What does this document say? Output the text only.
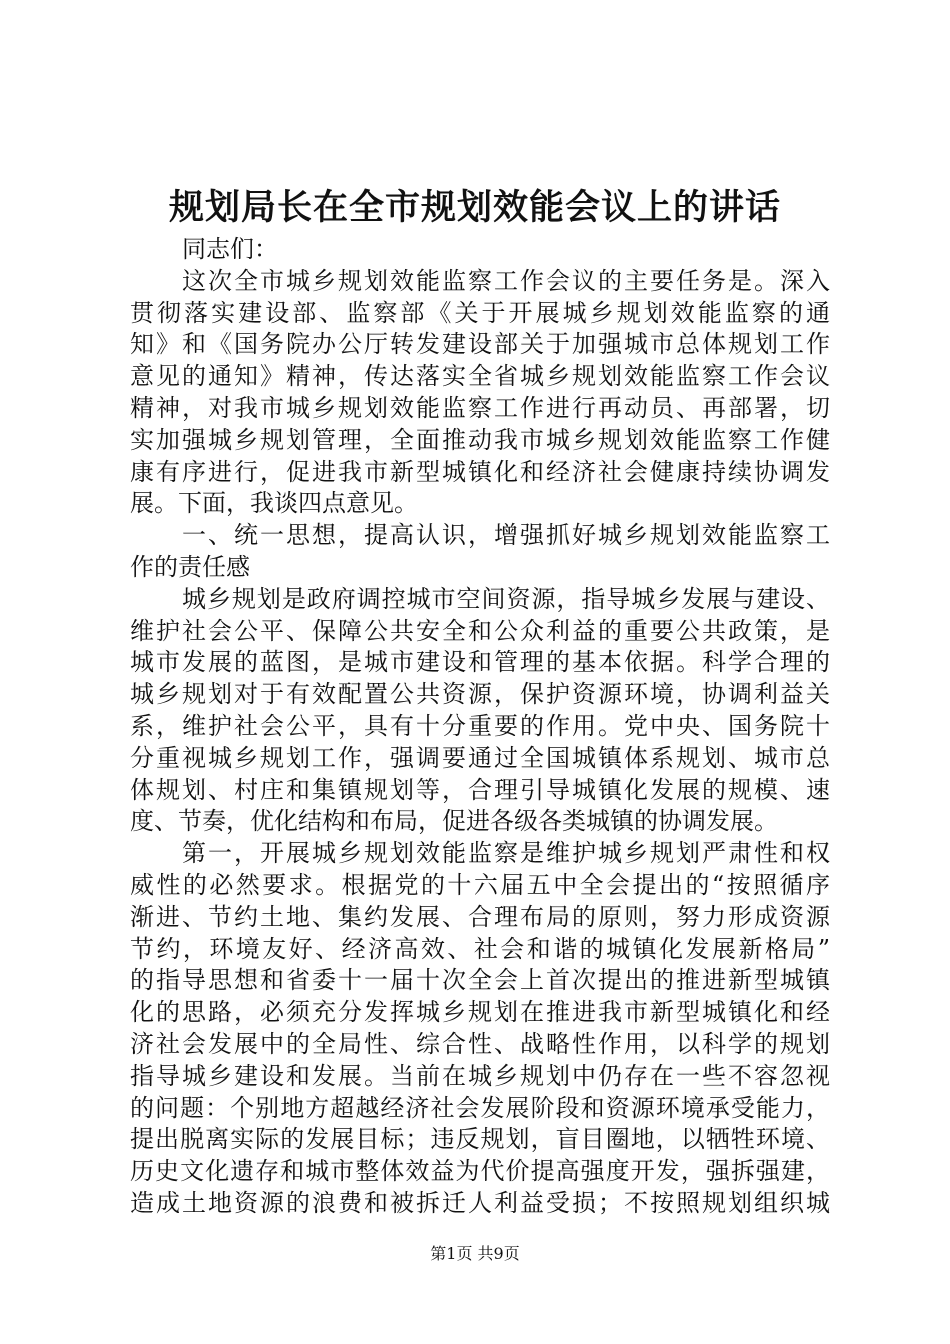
规划局长在全市规划效能会议上的讲话
同志们：
这次全市城乡规划效能监察工作会议的主要任务是。深入
贯彻落实建设部、监察部《关于开展城乡规划效能监察的通
知》和《国务院办公厅转发建设部关于加强城市总体规划工作
意见的通知》精神，传达落实全省城乡规划效能监察工作会议
精神，对我市城乡规划效能监察工作进行再动员、再部署，切
实加强城乡规划管理，全面推动我市城乡规划效能监察工作健
康有序进行，促进我市新型城镇化和经济社会健康持续协调发
展。下面，我谈四点意见。
一、统一思想，提高认识，增强抓好城乡规划效能监察工
作的责任感
城乡规划是政府调控城市空间资源，指导城乡发展与建设、
维护社会公平、保障公共安全和公众利益的重要公共政策，是
城市发展的蓝图，是城市建设和管理的基本依据。科学合理的
城乡规划对于有效配置公共资源，保护资源环境，协调利益关
系，维护社会公平，具有十分重要的作用。党中央、国务院十
分重视城乡规划工作，强调要通过全国城镇体系规划、城市总
体规划、村庄和集镇规划等，合理引导城镇化发展的规模、速
度、节奏，优化结构和布局，促进各级各类城镇的协调发展。
第一，开展城乡规划效能监察是维护城乡规划严肃性和权
威性的必然要求。根据党的十六届五中全会提出的“按照循序
渐进、节约土地、集约发展、合理布局的原则，努力形成资源
节约，环境友好、经济高效、社会和谐的城镇化发展新格局”
的指导思想和省委十一届十次全会上首次提出的推进新型城镇
化的思路，必须充分发挥城乡规划在推进我市新型城镇化和经
济社会发展中的全局性、综合性、战略性作用，以科学的规划
指导城乡建设和发展。当前在城乡规划中仍存在一些不容忽视
的问题：个别地方超越经济社会发展阶段和资源环境承受能力，
提出脱离实际的发展目标；违反规划，盲目圈地，以牺牲环境、
历史文化遗存和城市整体效益为代价提高强度开发，强拆强建，
造成土地资源的浪费和被拆迁人利益受损；不按照规划组织城
第1页 共9页
